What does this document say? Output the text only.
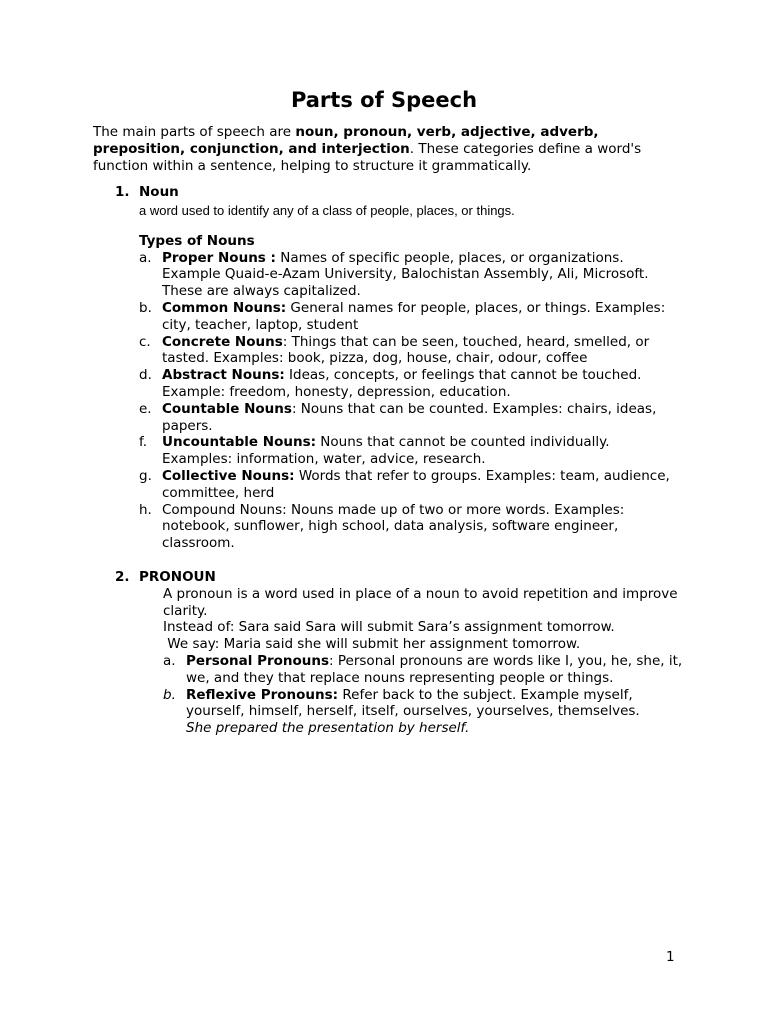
Parts of Speech
The main parts of speech are noun, pronoun, verb, adjective, adverb, preposition, conjunction, and interjection. These categories define a word's function within a sentence, helping to structure it grammatically.
1. Noun
a word used to identify any of a class of people, places, or things.
Types of Nouns
a. Proper Nouns : Names of specific people, places, or organizations. Example Quaid-e-Azam University, Balochistan Assembly, Ali, Microsoft. These are always capitalized.
b. Common Nouns: General names for people, places, or things. Examples: city, teacher, laptop, student
c. Concrete Nouns: Things that can be seen, touched, heard, smelled, or tasted. Examples: book, pizza, dog, house, chair, odour, coffee
d. Abstract Nouns: Ideas, concepts, or feelings that cannot be touched. Example: freedom, honesty, depression, education.
e. Countable Nouns: Nouns that can be counted. Examples: chairs, ideas, papers.
f.	Uncountable Nouns: Nouns that cannot be counted individually. Examples: information, water, advice, research.
g. Collective Nouns: Words that refer to groups. Examples: team, audience, committee, herd
h. Compound Nouns: Nouns made up of two or more words. Examples: notebook, sunflower, high school, data analysis, software engineer, classroom.
2. PRONOUN
A pronoun is a word used in place of a noun to avoid repetition and improve clarity.
Instead of: Sara said Sara will submit Sara’s assignment tomorrow.
We say: Maria said she will submit her assignment tomorrow.
a. Personal Pronouns: Personal pronouns are words like I, you, he, she, it, we, and they that replace nouns representing people or things.
b. Reflexive Pronouns: Refer back to the subject. Example myself, yourself, himself, herself, itself, ourselves, yourselves, themselves.
She prepared the presentation by herself.
1
